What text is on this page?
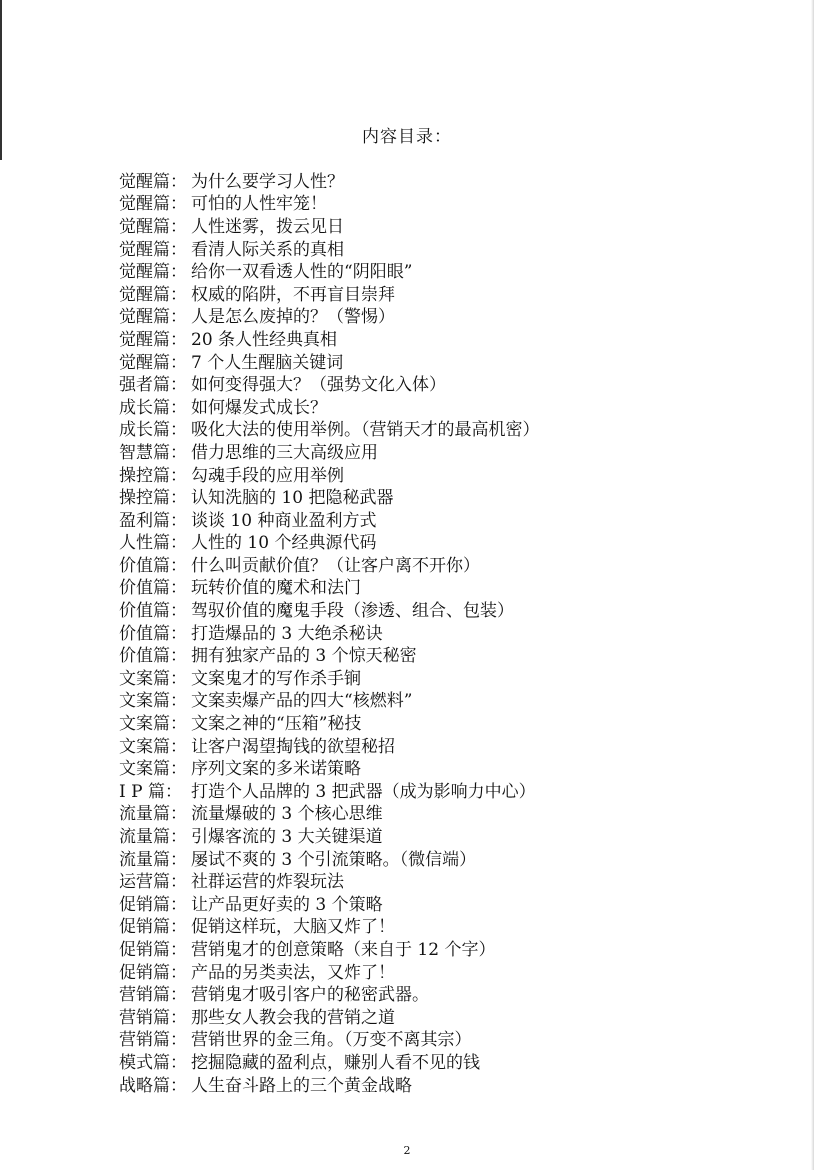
内容目录：
觉醒篇： 为什么要学习人性？
觉醒篇： 可怕的人性牢笼！
觉醒篇： 人性迷雾，拨云见日
觉醒篇： 看清人际关系的真相
觉醒篇： 给你一双看透人性的“阴阳眼”
觉醒篇： 权威的陷阱，不再盲目崇拜
觉醒篇： 人是怎么废掉的？（警惕）
觉醒篇： 20 条人性经典真相
觉醒篇： 7 个人生醒脑关键词
强者篇： 如何变得强大？（强势文化入体）
成长篇： 如何爆发式成长？
成长篇： 吸化大法的使用举例。（营销天才的最高机密）
智慧篇： 借力思维的三大高级应用
操控篇： 勾魂手段的应用举例
操控篇： 认知洗脑的 10 把隐秘武器
盈利篇： 谈谈 10 种商业盈利方式
人性篇： 人性的 10 个经典源代码
价值篇： 什么叫贡献价值？（让客户离不开你）
价值篇： 玩转价值的魔术和法门
价值篇： 驾驭价值的魔鬼手段（渗透、组合、包装）
价值篇： 打造爆品的 3 大绝杀秘诀
价值篇： 拥有独家产品的 3 个惊天秘密
文案篇： 文案鬼才的写作杀手锏
文案篇： 文案卖爆产品的四大“核燃料”
文案篇： 文案之神的“压箱”秘技
文案篇： 让客户渴望掏钱的欲望秘招
文案篇： 序列文案的多米诺策略
I P 篇： 打造个人品牌的 3 把武器（成为影响力中心）
流量篇： 流量爆破的 3 个核心思维
流量篇： 引爆客流的 3 大关键渠道
流量篇： 屡试不爽的 3 个引流策略。（微信端）
运营篇： 社群运营的炸裂玩法
促销篇： 让产品更好卖的 3 个策略
促销篇： 促销这样玩，大脑又炸了！
促销篇： 营销鬼才的创意策略（来自于 12 个字）
促销篇： 产品的另类卖法，又炸了！
营销篇： 营销鬼才吸引客户的秘密武器。
营销篇： 那些女人教会我的营销之道
营销篇： 营销世界的金三角。（万变不离其宗）
模式篇： 挖掘隐藏的盈利点，赚别人看不见的钱
战略篇： 人生奋斗路上的三个黄金战略
2
